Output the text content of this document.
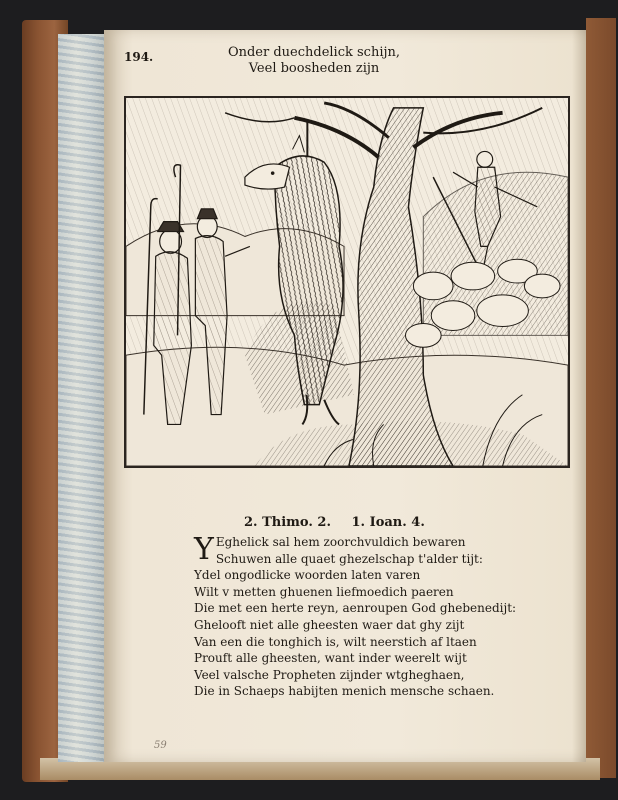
194.	Onder duechdelick schijn,
Veel boosheden zijn
2. Thimo. 2. 1. Ioan. 4.
Y Eghelick sal hem zoorchvuldich bewaren
Schuwen alle quaet ghezelschap t'alder tijt:
Ydel ongodlicke woorden laten varen
Wilt v metten ghuenen liefmoedich paeren
Die met een herte reyn, aenroupen God ghebenedijt:
Ghelooft niet alle gheesten waer dat ghy zijt
Van een die tonghich is, wilt neerstich af ltaen
Prouft alle gheesten, want inder weerelt wijt
Veel valsche Propheten zijnder wtgheghaen,
Die in Schaeps habijten menich mensche schaen.
59
